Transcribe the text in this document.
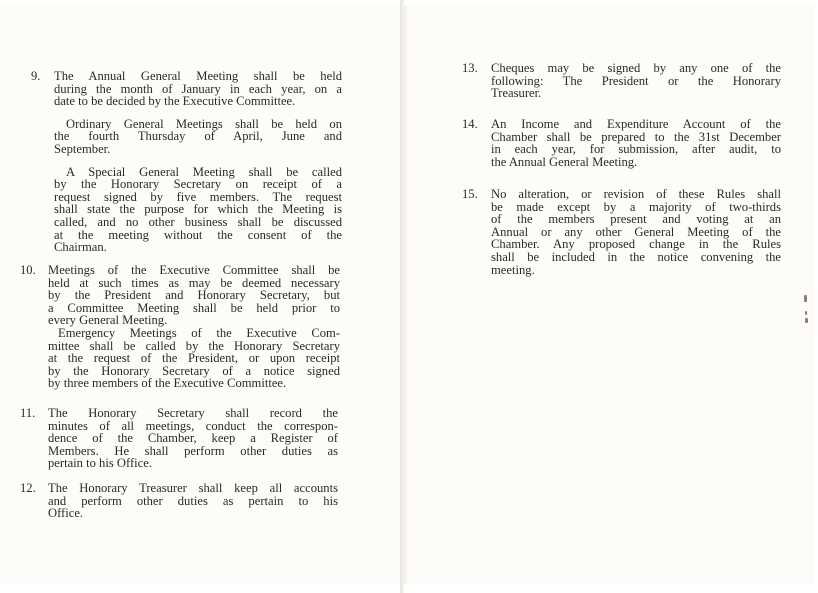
9. The Annual General Meeting shall be held
during the month of January in each year, on a
date to be decided by the Executive Committee.
Ordinary General Meetings shall be held on
the fourth Thursday of April, June and
September.
A Special General Meeting shall be called
by the Honorary Secretary on receipt of a
request signed by five members. The request
shall state the purpose for which the Meeting is
called, and no other business shall be discussed
at the meeting without the consent of the
Chairman.
10. Meetings of the Executive Committee shall be
held at such times as may be deemed necessary
by the President and Honorary Secretary, but
a Committee Meeting shall be held prior to
every General Meeting.
Emergency Meetings of the Executive Com-
mittee shall be called by the Honorary Secretary
at the request of the President, or upon receipt
by the Honorary Secretary of a notice signed
by three members of the Executive Committee.
11. The Honorary Secretary shall record the
minutes of all meetings, conduct the correspon-
dence of the Chamber, keep a Register of
Members. He shall perform other duties as
pertain to his Office.
12. The Honorary Treasurer shall keep all accounts
and perform other duties as pertain to his
Office.
13. Cheques may be signed by any one of the
following: The President or the Honorary
Treasurer.
14. An Income and Expenditure Account of the
Chamber shall be prepared to the 31st December
in each year, for submission, after audit, to
the Annual General Meeting.
15. No alteration, or revision of these Rules shall
be made except by a majority of two-thirds
of the members present and voting at an
Annual or any other General Meeting of the
Chamber. Any proposed change in the Rules
shall be included in the notice convening the
meeting.
